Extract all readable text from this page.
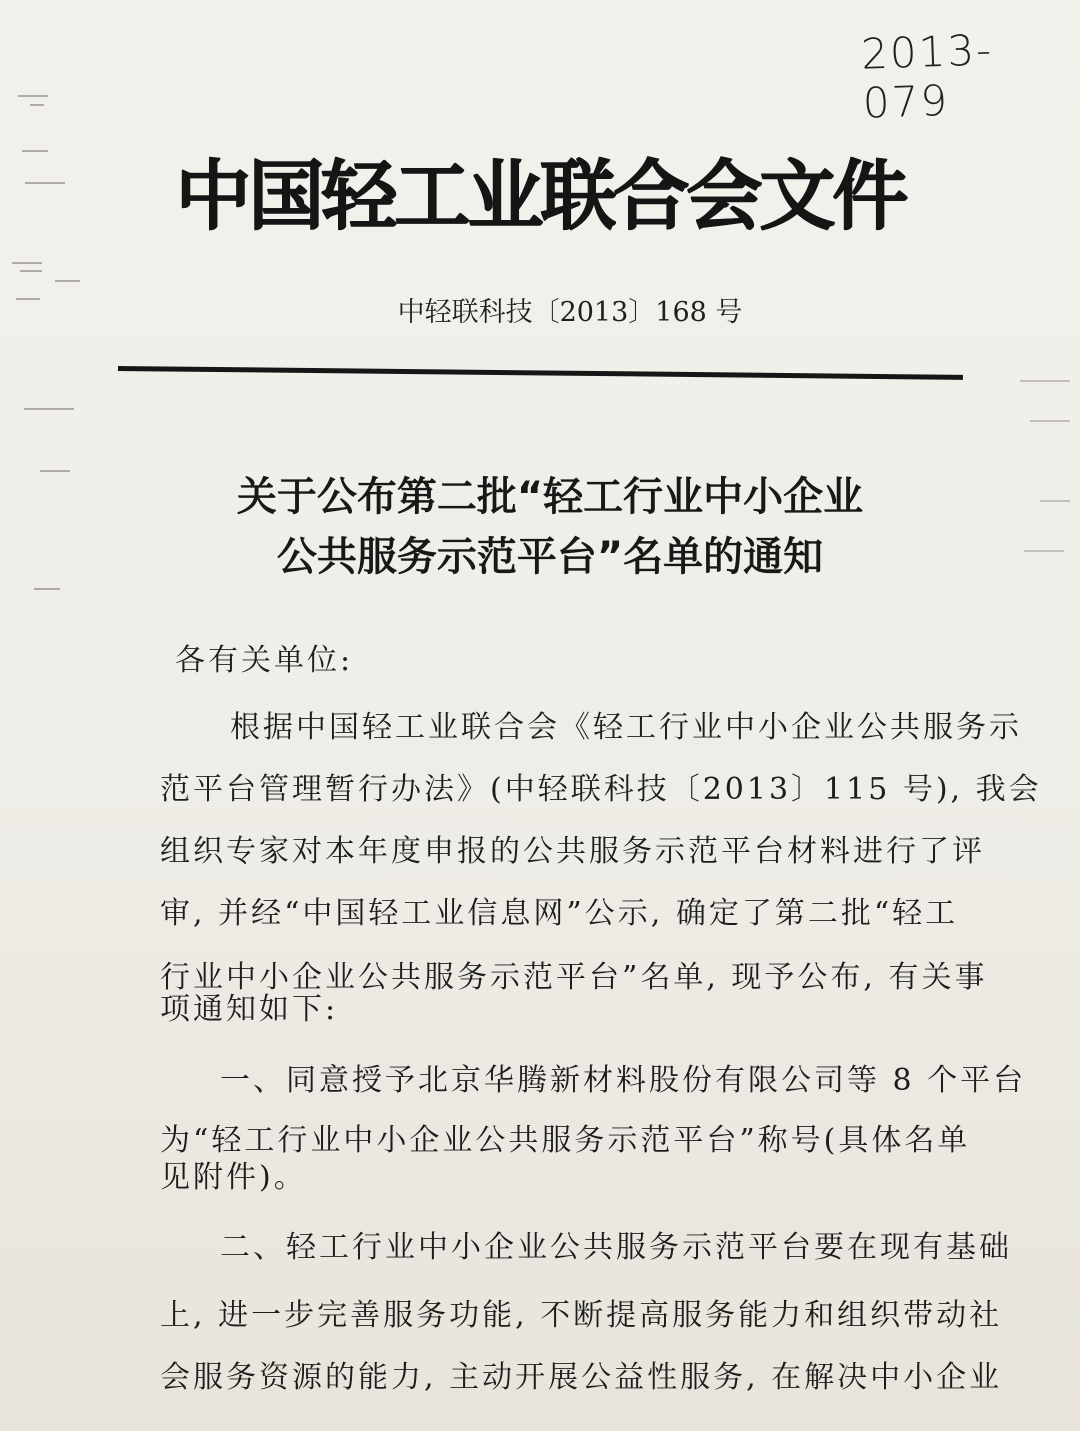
2013-079
中国轻工业联合会文件
中轻联科技〔2013〕168 号
关于公布第二批“轻工行业中小企业
公共服务示范平台”名单的通知
各有关单位:
根据中国轻工业联合会《轻工行业中小企业公共服务示
范平台管理暂行办法》(中轻联科技〔2013〕115 号), 我会
组织专家对本年度申报的公共服务示范平台材料进行了评
审, 并经“中国轻工业信息网”公示, 确定了第二批“轻工
行业中小企业公共服务示范平台”名单, 现予公布, 有关事
项通知如下:
一、同意授予北京华腾新材料股份有限公司等 8 个平台
为“轻工行业中小企业公共服务示范平台”称号(具体名单
见附件)。
二、轻工行业中小企业公共服务示范平台要在现有基础
上, 进一步完善服务功能, 不断提高服务能力和组织带动社
会服务资源的能力, 主动开展公益性服务, 在解决中小企业
